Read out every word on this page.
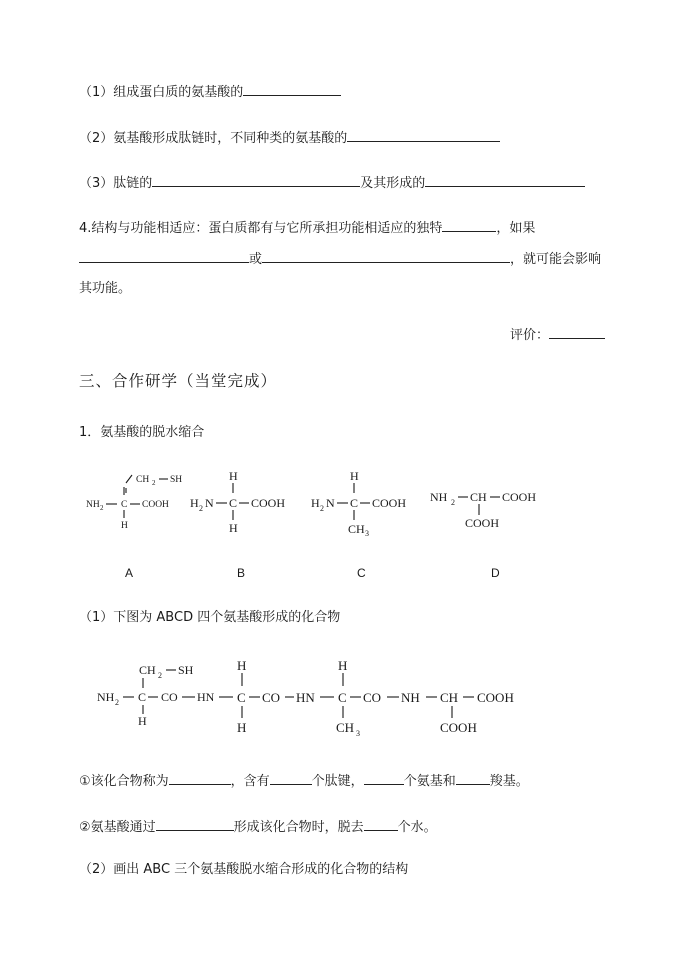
（1）组成蛋白质的氨基酸的
（2）氨基酸形成肽链时，不同种类的氨基酸的
（3）肽链的	及其形成的
4.结构与功能相适应：蛋白质都有与它所承担功能相适应的独特	，如果
或	，就可能会影响
其功能。
评价：
三、合作研学（当堂完成）
1．氨基酸的脱水缩合
CH 2 SH
NH 2 C COOH
H
H
H 2 N C COOH
H
H
H 2 N C COOH
CH 3
NH 2 CH COOH
COOH
A	B	C	D
（1）下图为 ABCD 四个氨基酸形成的化合物
CH 2 SH
NH 2 C CO HN
H
H
C CO HN
H
H
C CO NH
CH 3
CH COOH
COOH
①该化合物称为	，含有	个肽键，	个氨基和	羧基。
②氨基酸通过	形成该化合物时，脱去	个水。
（2）画出 ABC 三个氨基酸脱水缩合形成的化合物的结构
